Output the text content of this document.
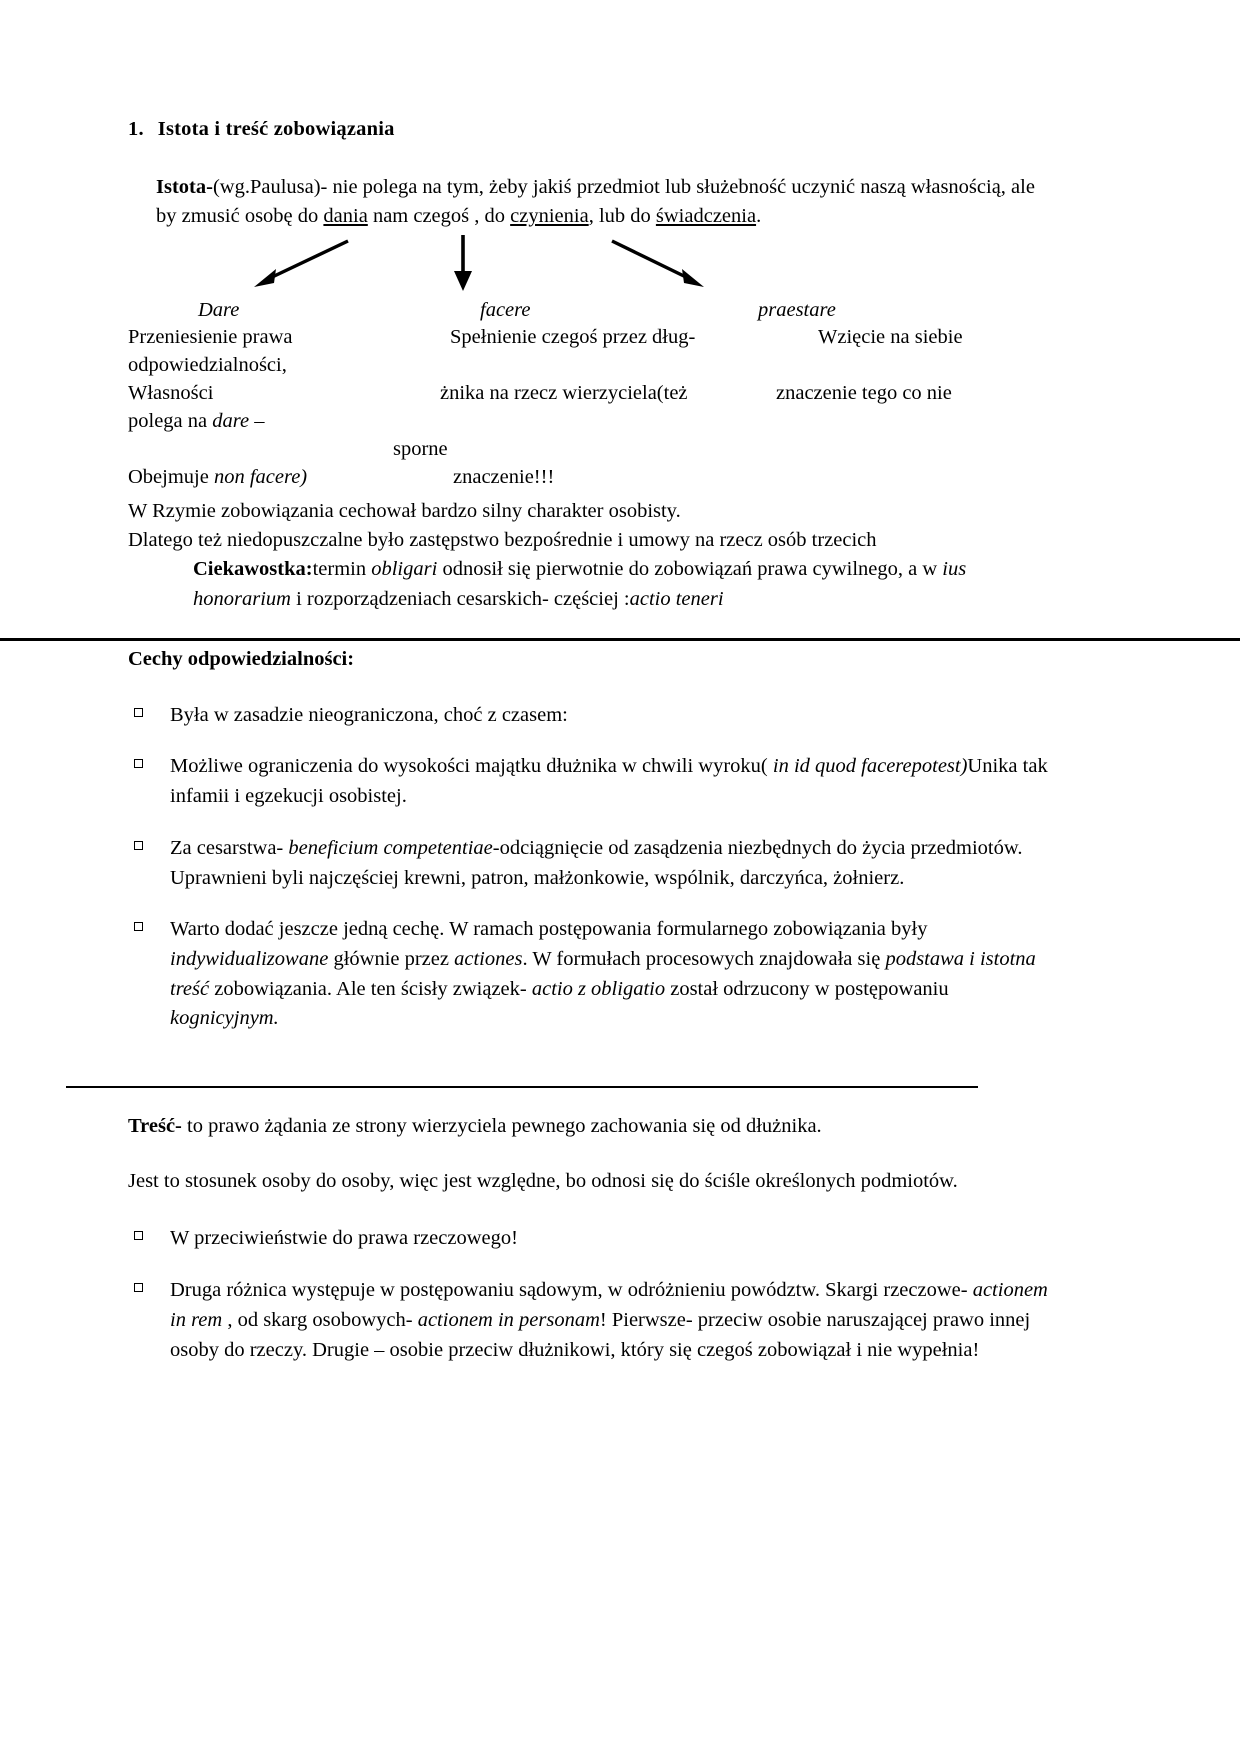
1. Istota i treść zobowiązania

Istota-(wg.Paulusa)- nie polega na tym, żeby jakiś przedmiot lub służebność uczynić naszą własnością, ale by zmusić osobę do dania nam czegoś , do czynienia, lub do świadczenia.

Dare	facere	praestare
Przeniesienie prawa
odpowiedzialności,
Własności
polega na dare –
Obejmuje non facere)
Spełnienie czegoś przez dług-
żnika na rzecz wierzyciela(też
sporne
znaczenie!!!
Wzięcie na siebie
znaczenie tego co nie

W Rzymie zobowiązania cechował bardzo silny charakter osobisty.

Dlatego też niedopuszczalne było zastępstwo bezpośrednie i umowy na rzecz osób trzecich

Ciekawostka:termin obligari odnosił się pierwotnie do zobowiązań prawa cywilnego, a w ius honorarium i rozporządzeniach cesarskich- częściej :actio teneri

Cechy odpowiedzialności:

Była w zasadzie nieograniczona, choć z czasem:
Możliwe ograniczenia do wysokości majątku dłużnika w chwili wyroku( in id quod facerepotest)Unika tak infamii i egzekucji osobistej.
Za cesarstwa- beneficium competentiae-odciągnięcie od zasądzenia niezbędnych do życia przedmiotów. Uprawnieni byli najczęściej krewni, patron, małżonkowie, wspólnik, darczyńca, żołnierz.
Warto dodać jeszcze jedną cechę. W ramach postępowania formularnego zobowiązania były indywidualizowane głównie przez actiones. W formułach procesowych znajdowała się podstawa i istotna treść zobowiązania. Ale ten ścisły związek- actio z obligatio został odrzucony w postępowaniu kognicyjnym.

Treść- to prawo żądania ze strony wierzyciela pewnego zachowania się od dłużnika.

Jest to stosunek osoby do osoby, więc jest względne, bo odnosi się do ściśle określonych podmiotów.

W przeciwieństwie do prawa rzeczowego!
Druga różnica występuje w postępowaniu sądowym, w odróżnieniu powództw. Skargi rzeczowe- actionem in rem , od skarg osobowych- actionem in personam! Pierwsze- przeciw osobie naruszającej prawo innej osoby do rzeczy. Drugie – osobie przeciw dłużnikowi, który się czegoś zobowiązał i nie wypełnia!
